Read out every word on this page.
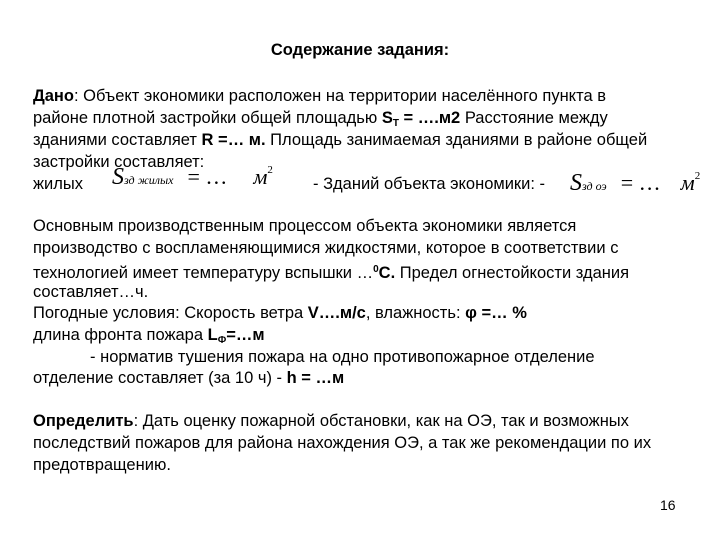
Содержание задания:
Дано: Объект экономики расположен на территории населённого пункта в
районе плотной застройки общей площадью $S_T$ = ….м2 Расстояние между
зданиями составляет R =… м. Площадь занимаемая зданиями в районе общей
застройки составляет:
жилых Sзд жилых = … $м^2$
- Зданий объекта экономики: - Sзд оэ = … $м^2$
Основным производственным процессом объекта экономики является
производство с воспламеняющимися жидкостями, которое в соответствии с
технологией имеет температуру вспышки …$^0$С. Предел огнестойкости здания
составляет…ч.
Погодные условия: Скорость ветра V….м/с, влажность: φ =… %
длина фронта пожара $L_Ф=\dots м$
- норматив тушения пожара на одно противопожарное отделение
отделение составляет (за 10 ч) - h = …м
Определить: Дать оценку пожарной обстановки, как на ОЭ, так и возможных
последствий пожаров для района нахождения ОЭ, а так же рекомендации по их
предотвращению.
16
